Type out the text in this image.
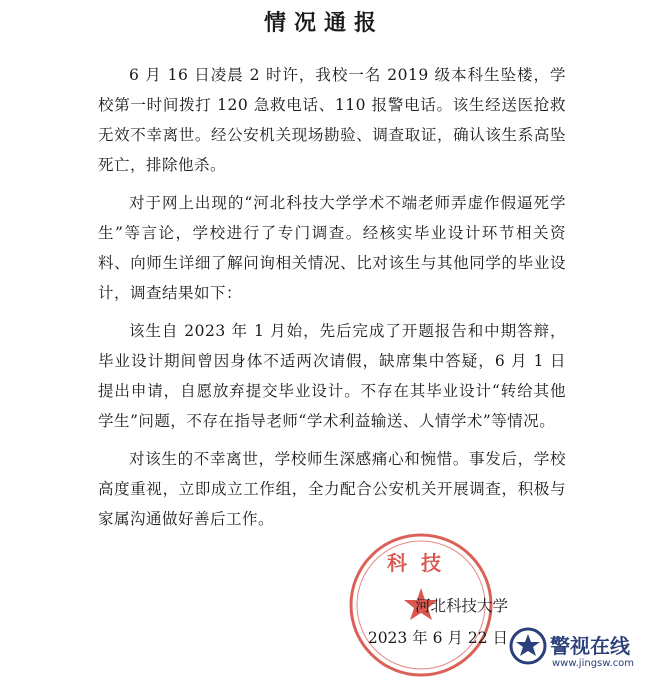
情况通报

6 月 16 日凌晨 2 时许，我校一名 2019 级本科生坠楼，学校第一时间拨打 120 急救电话、110 报警电话。该生经送医抢救无效不幸离世。经公安机关现场勘验、调查取证，确认该生系高坠死亡，排除他杀。

对于网上出现的“河北科技大学学术不端老师弄虚作假逼死学生”等言论，学校进行了专门调查。经核实毕业设计环节相关资料、向师生详细了解问询相关情况、比对该生与其他同学的毕业设计，调查结果如下：

该生自 2023 年 1 月始，先后完成了开题报告和中期答辩，毕业设计期间曾因身体不适两次请假，缺席集中答疑，6 月 1 日提出申请，自愿放弃提交毕业设计。不存在其毕业设计“转给其他学生”问题，不存在指导老师“学术利益输送、人情学术”等情况。

对该生的不幸离世，学校师生深感痛心和惋惜。事发后，学校高度重视，立即成立工作组，全力配合公安机关开展调查，积极与家属沟通做好善后工作。

科技
河北科技大学
2023 年 6 月 22 日 警视在线
www.jingsw.com
